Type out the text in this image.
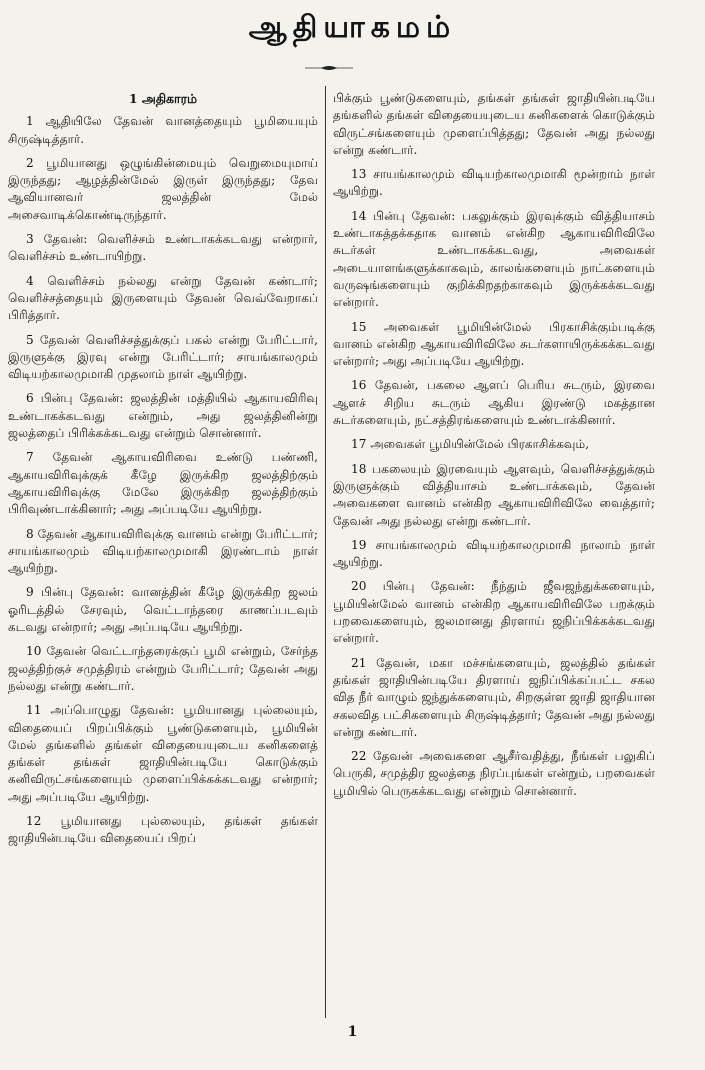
ஆதியாகமம்
1 அதிகாரம்

1 ஆதியிலே தேவன் வானத்தையும் பூமியையும் சிருஷ்டித்தார்.

2 பூமியானது ஒழுங்கின்மையும் வெறுமையுமாய் இருந்தது; ஆழத்தின்மேல் இருள் இருந்தது; தேவ ஆவியானவர் ஜலத்தின் மேல் அசைவாடிக்கொண்டிருந்தார்.

3 தேவன்: வெளிச்சம் உண்டாகக்கடவது என்றார், வெளிச்சம் உண்டாயிற்று.

4 வெளிச்சம் நல்லது என்று தேவன் கண்டார்; வெளிச்சத்தையும் இருளையும் தேவன் வெவ்வேறாகப் பிரித்தார்.

5 தேவன் வெளிச்சத்துக்குப் பகல் என்று பேரிட்டார், இருளுக்கு இரவு என்று பேரிட்டார்; சாயங்காலமும் விடியற்காலமுமாகி முதலாம் நாள் ஆயிற்று.

6 பின்பு தேவன்: ஜலத்தின் மத்தியில் ஆகாயவிரிவு உண்டாகக்கடவது என்றும், அது ஜலத்தினின்று ஜலத்தைப் பிரிக்கக்கடவது என்றும் சொன்னார்.

7 தேவன் ஆகாயவிரிவை உண்டு பண்ணி, ஆகாயவிரிவுக்குக் கீழே இருக்கிற ஜலத்திற்கும் ஆகாயவிரிவுக்கு மேலே இருக்கிற ஜலத்திற்கும் பிரிவுண்டாக்கினார்; அது அப்படியே ஆயிற்று.

8 தேவன் ஆகாயவிரிவுக்கு வானம் என்று பேரிட்டார்; சாயங்காலமும் விடியற்காலமுமாகி இரண்டாம் நாள் ஆயிற்று.

9 பின்பு தேவன்: வானத்தின் கீழே இருக்கிற ஜலம் ஓரிடத்தில் சேரவும், வெட்டாந்தரை காணப்படவும் கடவது என்றார்; அது அப்படியே ஆயிற்று.

10 தேவன் வெட்டாந்தரைக்குப் பூமி என்றும், சேர்ந்த ஜலத்திற்குச் சமுத்திரம் என்றும் பேரிட்டார்; தேவன் அது நல்லது என்று கண்டார்.

11 அப்பொழுது தேவன்: பூமியானது புல்லையும், விதையைப் பிறப்பிக்கும் பூண்டுகளையும், பூமியின் மேல் தங்களில் தங்கள் விதையையுடைய கனிகளைத் தங்கள் தங்கள் ஜாதியின்படியே கொடுக்கும் கனிவிருட்சங்களையும் முளைப்பிக்கக்கடவது என்றார்; அது அப்படியே ஆயிற்று.

12 பூமியானது புல்லையும், தங்கள் தங்கள் ஜாதியின்படியே விதையைப் பிறப்

பிக்கும் பூண்டுகளையும், தங்கள் தங்கள் ஜாதியின்படியே தங்களில் தங்கள் விதையையுடைய கனிகளைக் கொடுக்கும் விருட்சங்களையும் முளைப்பித்தது; தேவன் அது நல்லது என்று கண்டார்.

13 சாயங்காலமும் விடியற்காலமுமாகி மூன்றாம் நாள் ஆயிற்று.

14 பின்பு தேவன்: பகலுக்கும் இரவுக்கும் வித்தியாசம் உண்டாகத்தக்கதாக வானம் என்கிற ஆகாயவிரிவிலே சுடர்கள் உண்டாகக்கடவது, அவைகள் அடையாளங்களுக்காகவும், காலங்களையும் நாட்களையும் வருஷங்களையும் குறிக்கிறதற்காகவும் இருக்கக்கடவது என்றார்.

15 அவைகள் பூமியின்மேல் பிரகாசிக்கும்படிக்கு வானம் என்கிற ஆகாயவிரிவிலே சுடர்களாயிருக்கக்கடவது என்றார்; அது அப்படியே ஆயிற்று.

16 தேவன், பகலை ஆளப் பெரிய சுடரும், இரவை ஆளச் சிறிய சுடரும் ஆகிய இரண்டு மகத்தான சுடர்களையும், நட்சத்திரங்களையும் உண்டாக்கினார்.

17 அவைகள் பூமியின்மேல் பிரகாசிக்கவும்,

18 பகலையும் இரவையும் ஆளவும், வெளிச்சத்துக்கும் இருளுக்கும் வித்தியாசம் உண்டாக்கவும், தேவன் அவைகளை வானம் என்கிற ஆகாயவிரிவிலே வைத்தார்; தேவன் அது நல்லது என்று கண்டார்.

19 சாயங்காலமும் விடியற்காலமுமாகி நாலாம் நாள் ஆயிற்று.

20 பின்பு தேவன்: நீந்தும் ஜீவஜந்துக்களையும், பூமியின்மேல் வானம் என்கிற ஆகாயவிரிவிலே பறக்கும் பறவைகளையும், ஜலமானது திரளாய் ஜநிப்பிக்கக்கடவது என்றார்.

21 தேவன், மகா மச்சங்களையும், ஜலத்தில் தங்கள் தங்கள் ஜாதியின்படியே திரளாய் ஜநிப்பிக்கப்பட்ட சகல வித நீர் வாழும் ஜந்துக்களையும், சிறகுள்ள ஜாதி ஜாதியான சகலவித பட்சிகளையும் சிருஷ்டித்தார்; தேவன் அது நல்லது என்று கண்டார்.

22 தேவன் அவைகளை ஆசீர்வதித்து, நீங்கள் பலுகிப் பெருகி, சமுத்திர ஜலத்தை நிரப்புங்கள் என்றும், பறவைகள் பூமியில் பெருகக்கடவது என்றும் சொன்னார்.

1
